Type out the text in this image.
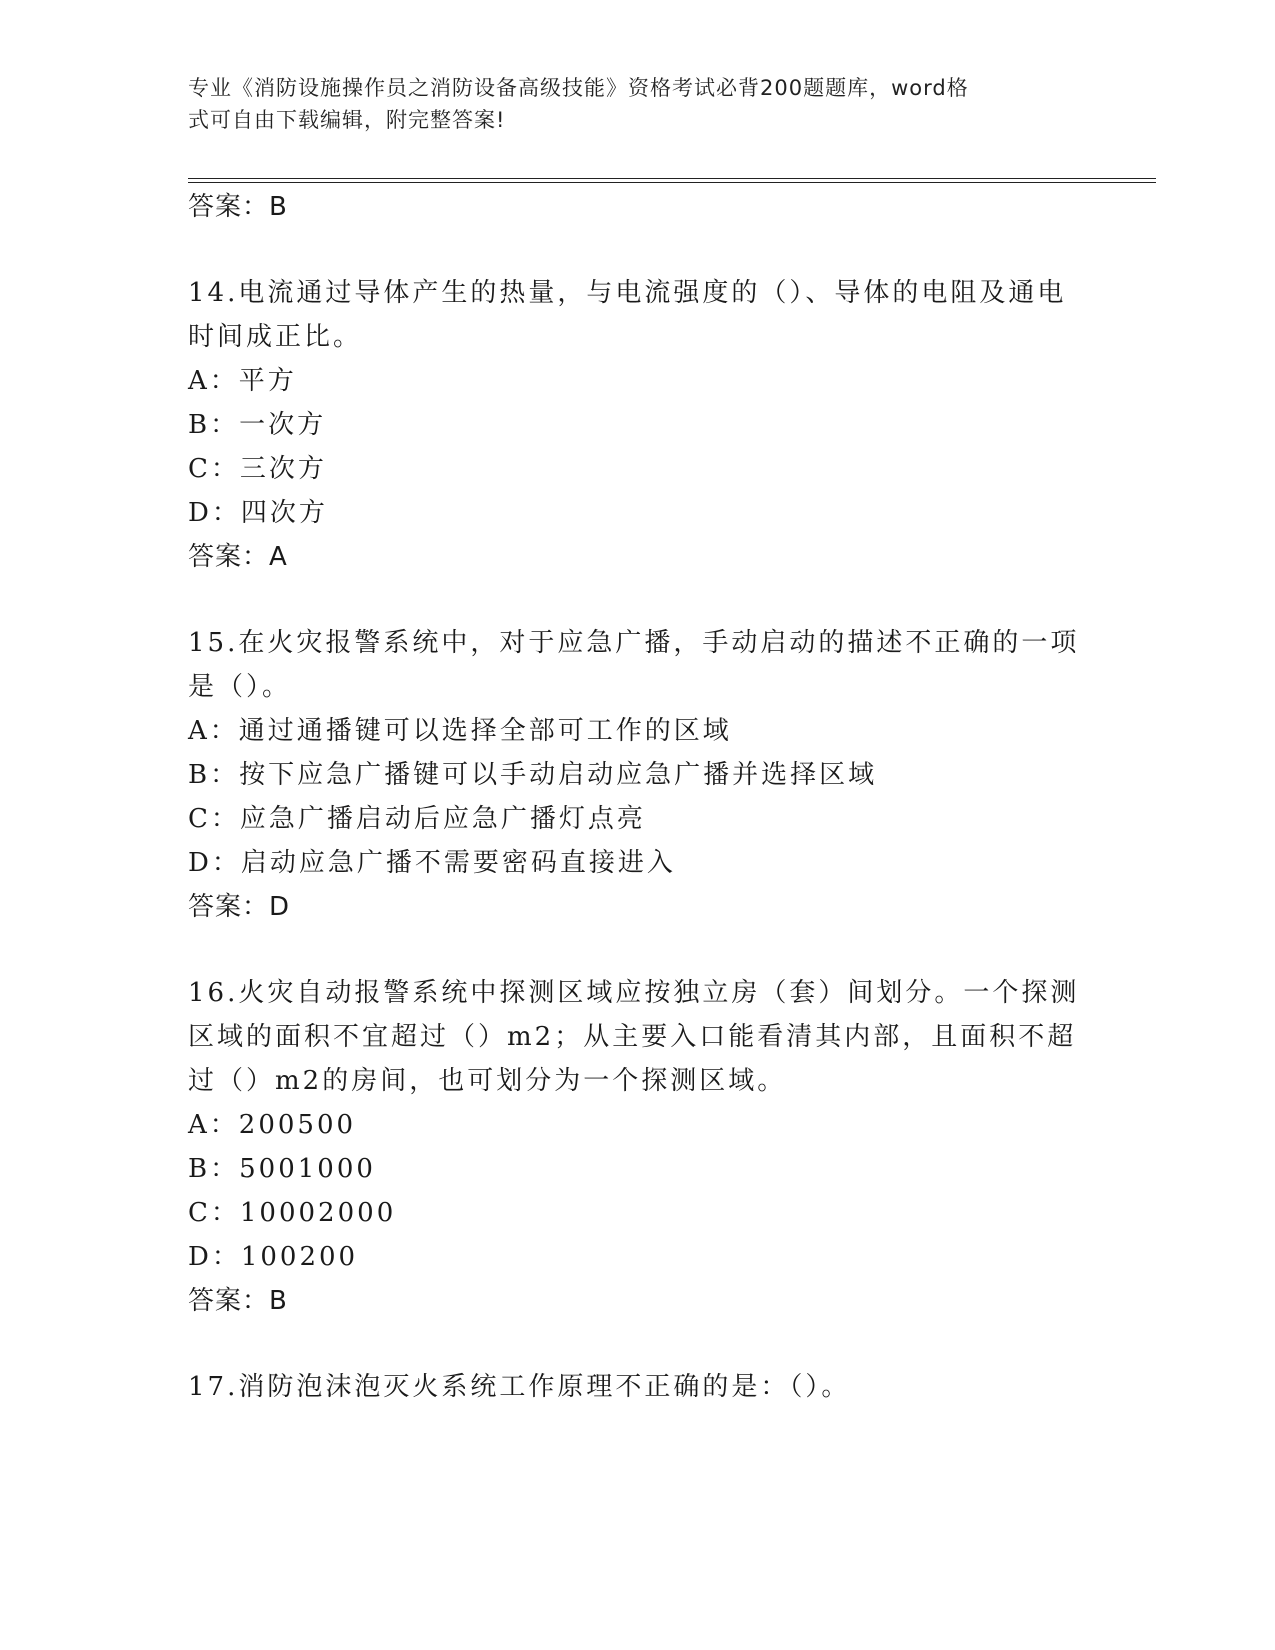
专业《消防设施操作员之消防设备高级技能》资格考试必背200题题库，word格
式可自由下载编辑，附完整答案!
答案：B
14.电流通过导体产生的热量，与电流强度的（）、导体的电阻及通电
时间成正比。
A：平方
B：一次方
C：三次方
D：四次方
答案：A
15.在火灾报警系统中，对于应急广播，手动启动的描述不正确的一项
是（）。
A：通过通播键可以选择全部可工作的区域
B：按下应急广播键可以手动启动应急广播并选择区域
C：应急广播启动后应急广播灯点亮
D：启动应急广播不需要密码直接进入
答案：D
16.火灾自动报警系统中探测区域应按独立房（套）间划分。一个探测
区域的面积不宜超过（）m2；从主要入口能看清其内部，且面积不超
过（）m2的房间，也可划分为一个探测区域。
A：200500
B：5001000
C：10002000
D：100200
答案：B
17.消防泡沫泡灭火系统工作原理不正确的是：（）。
